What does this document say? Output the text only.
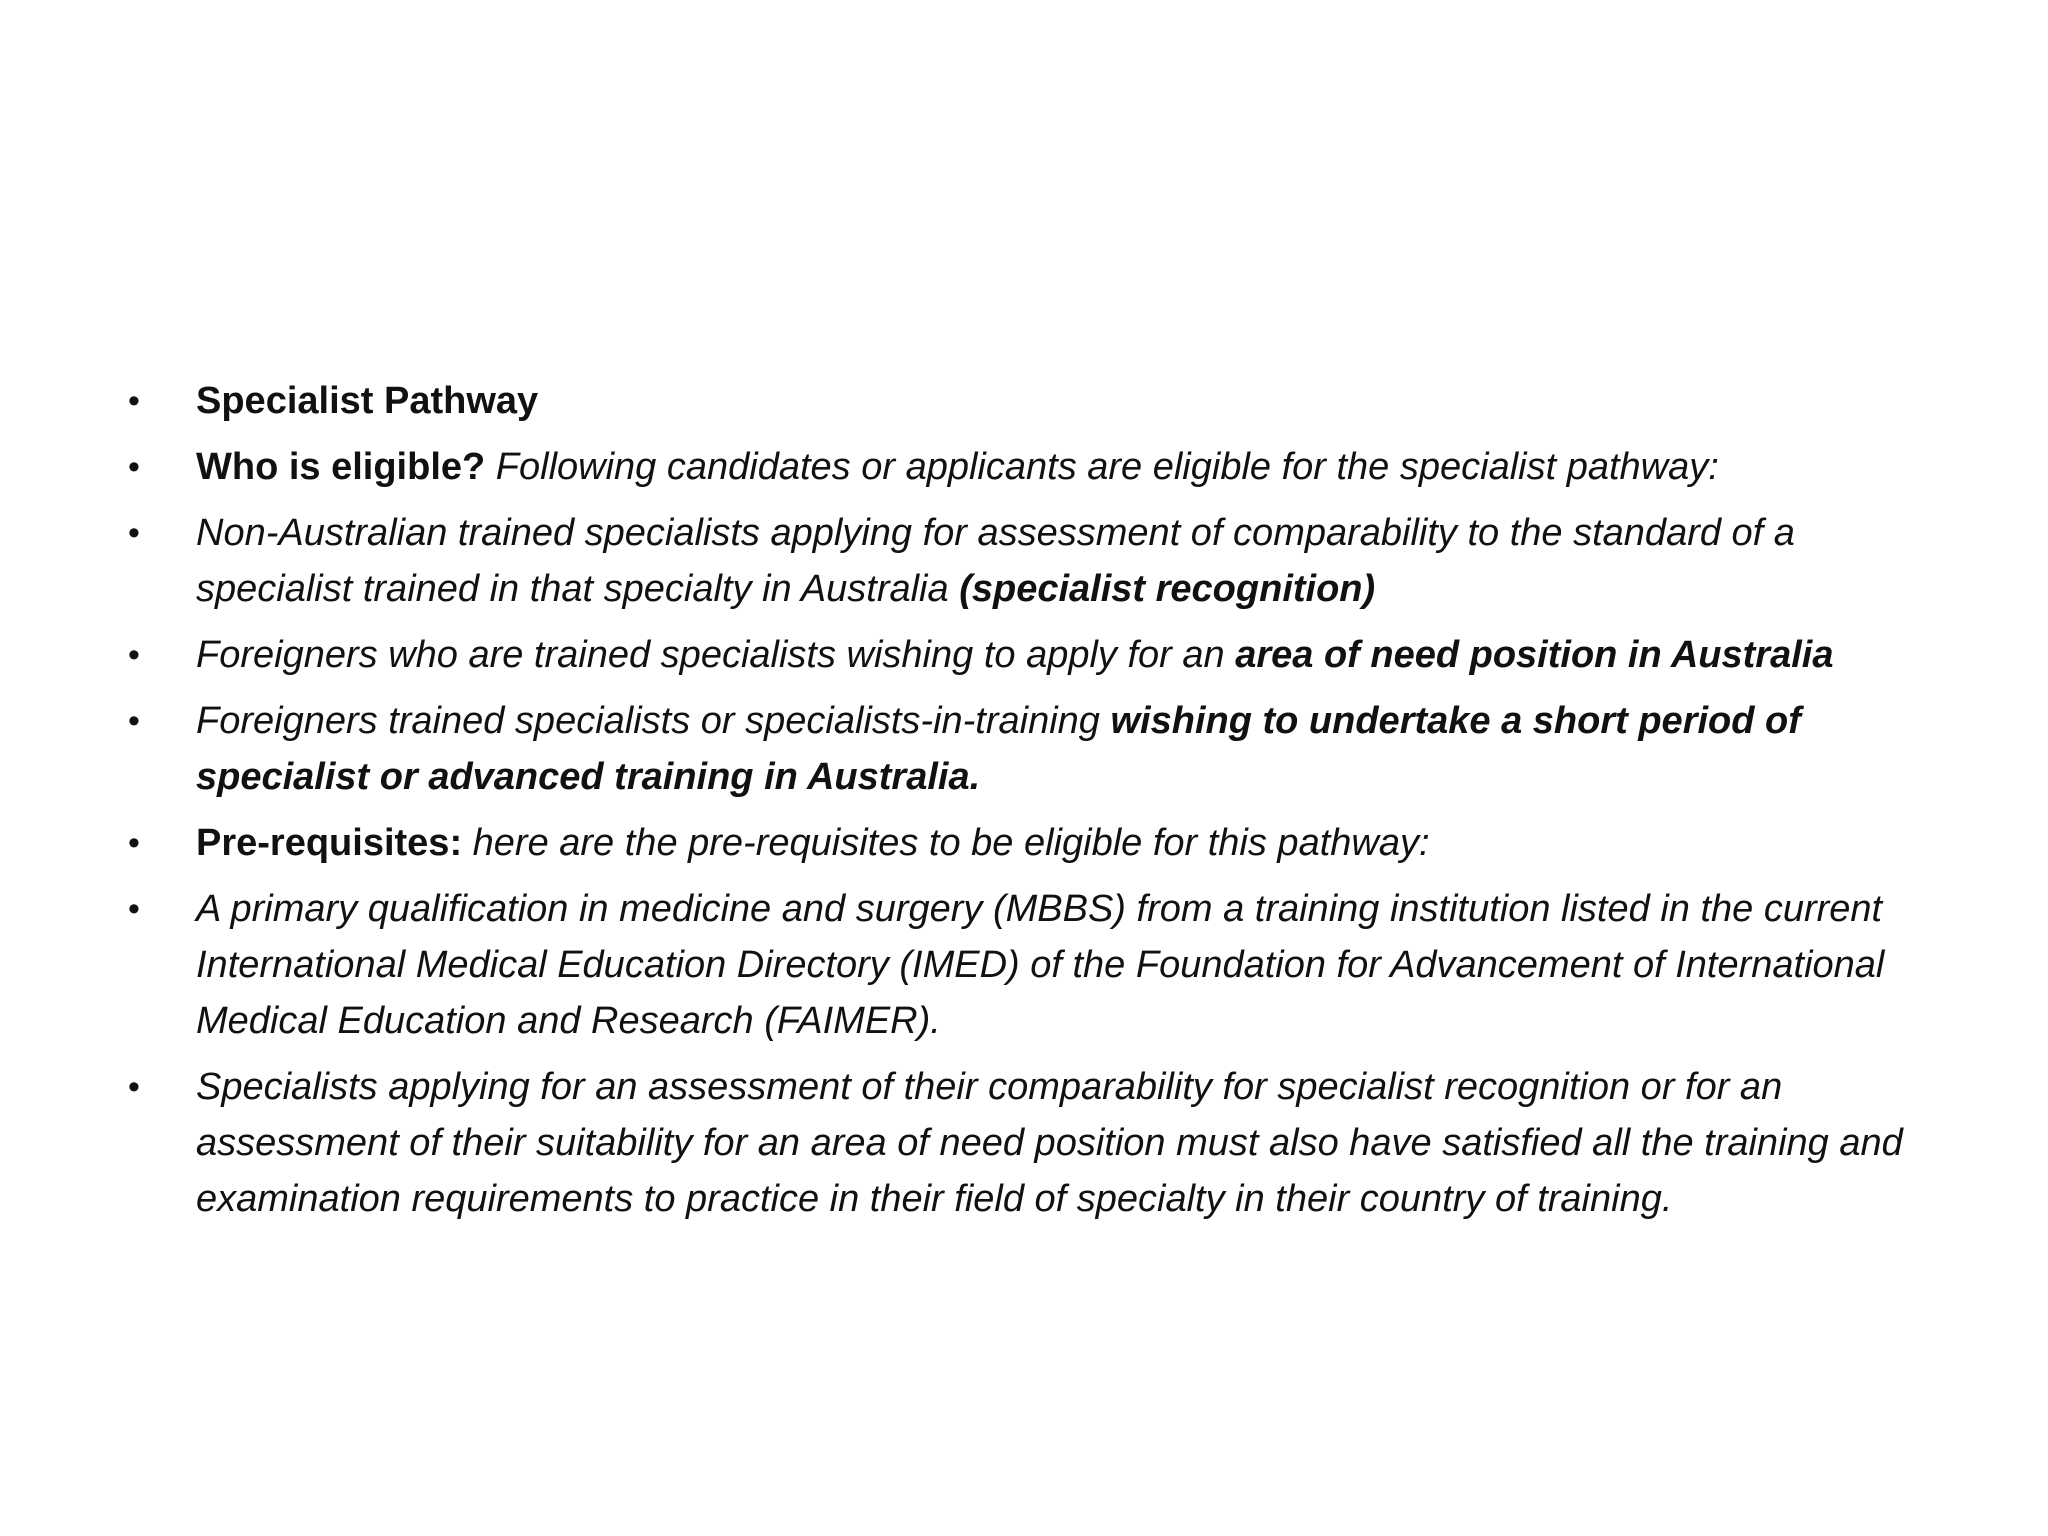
•	Specialist Pathway
•	Who is eligible? Following candidates or applicants are eligible for the specialist pathway:
•	Non-Australian trained specialists applying for assessment of comparability to the standard of a specialist trained in that specialty in Australia (specialist recognition)
•	Foreigners who are trained specialists wishing to apply for an area of need position in Australia
•	Foreigners trained specialists or specialists-in-training wishing to undertake a short period of specialist or advanced training in Australia.
•	Pre-requisites: here are the pre-requisites to be eligible for this pathway:
•	A primary qualification in medicine and surgery (MBBS) from a training institution listed in the current International Medical Education Directory (IMED) of the Foundation for Advancement of International Medical Education and Research (FAIMER).
•	Specialists applying for an assessment of their comparability for specialist recognition or for an assessment of their suitability for an area of need position must also have satisfied all the training and examination requirements to practice in their field of specialty in their country of training.
